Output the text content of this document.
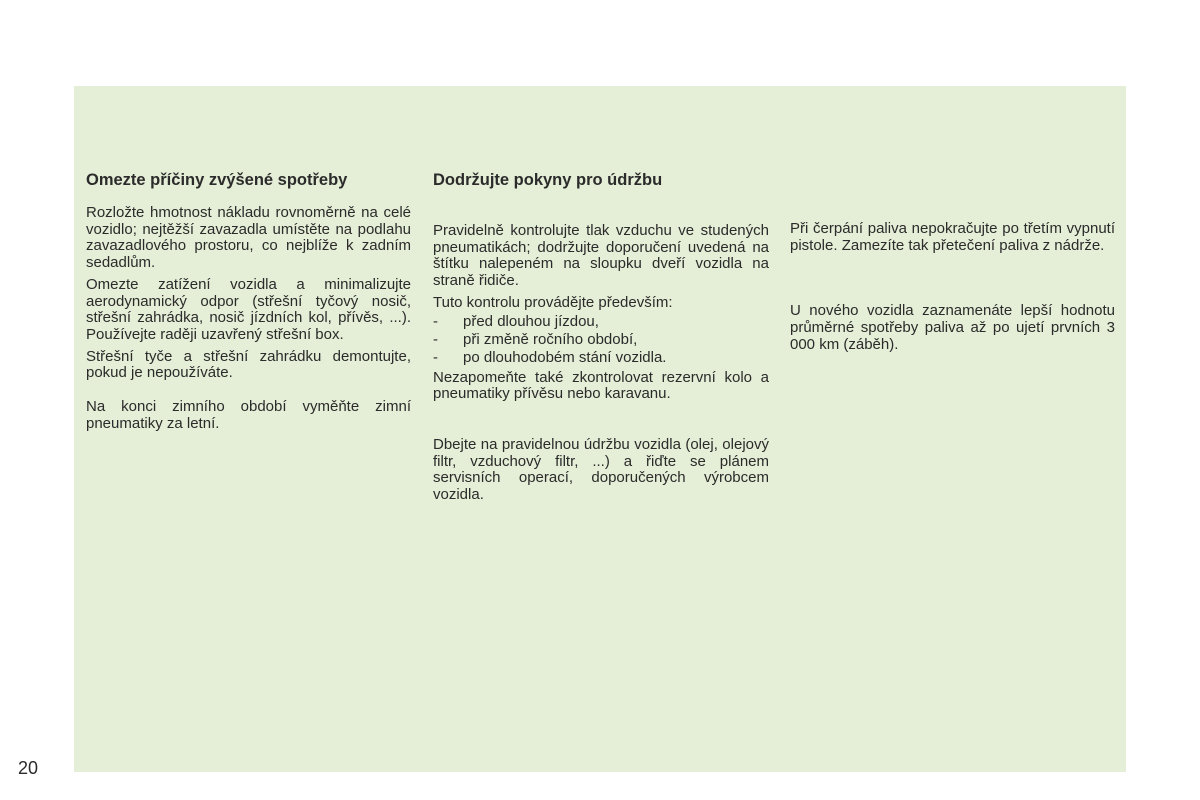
Omezte příčiny zvýšené spotřeby

Rozložte hmotnost nákladu rovnoměrně na celé vozidlo; nejtěžší zavazadla umístěte na podlahu zavazadlového prostoru, co nejblíže k zadním sedadlům.

Omezte zatížení vozidla a minimalizujte aerodynamický odpor (střešní tyčový nosič, střešní zahrádka, nosič jízdních kol, přívěs, ...). Používejte raději uzavřený střešní box.

Střešní tyče a střešní zahrádku demontujte, pokud je nepoužíváte.

Na konci zimního období vyměňte zimní pneumatiky za letní.

Dodržujte pokyny pro údržbu

Pravidelně kontrolujte tlak vzduchu ve studených pneumatikách; dodržujte doporučení uvedená na štítku nalepeném na sloupku dveří vozidla na straně řidiče.

Tuto kontrolu provádějte především:

-	před dlouhou jízdou,
-	při změně ročního období,
-	po dlouhodobém stání vozidla.

Nezapomeňte také zkontrolovat rezervní kolo a pneumatiky přívěsu nebo karavanu.

Dbejte na pravidelnou údržbu vozidla (olej, olejový filtr, vzduchový filtr, ...) a řiďte se plánem servisních operací, doporučených výrobcem vozidla.

Při čerpání paliva nepokračujte po třetím vypnutí pistole. Zamezíte tak přetečení paliva z nádrže.

U nového vozidla zaznamenáte lepší hodnotu průměrné spotřeby paliva až po ujetí prvních 3 000 km (záběh).

20
